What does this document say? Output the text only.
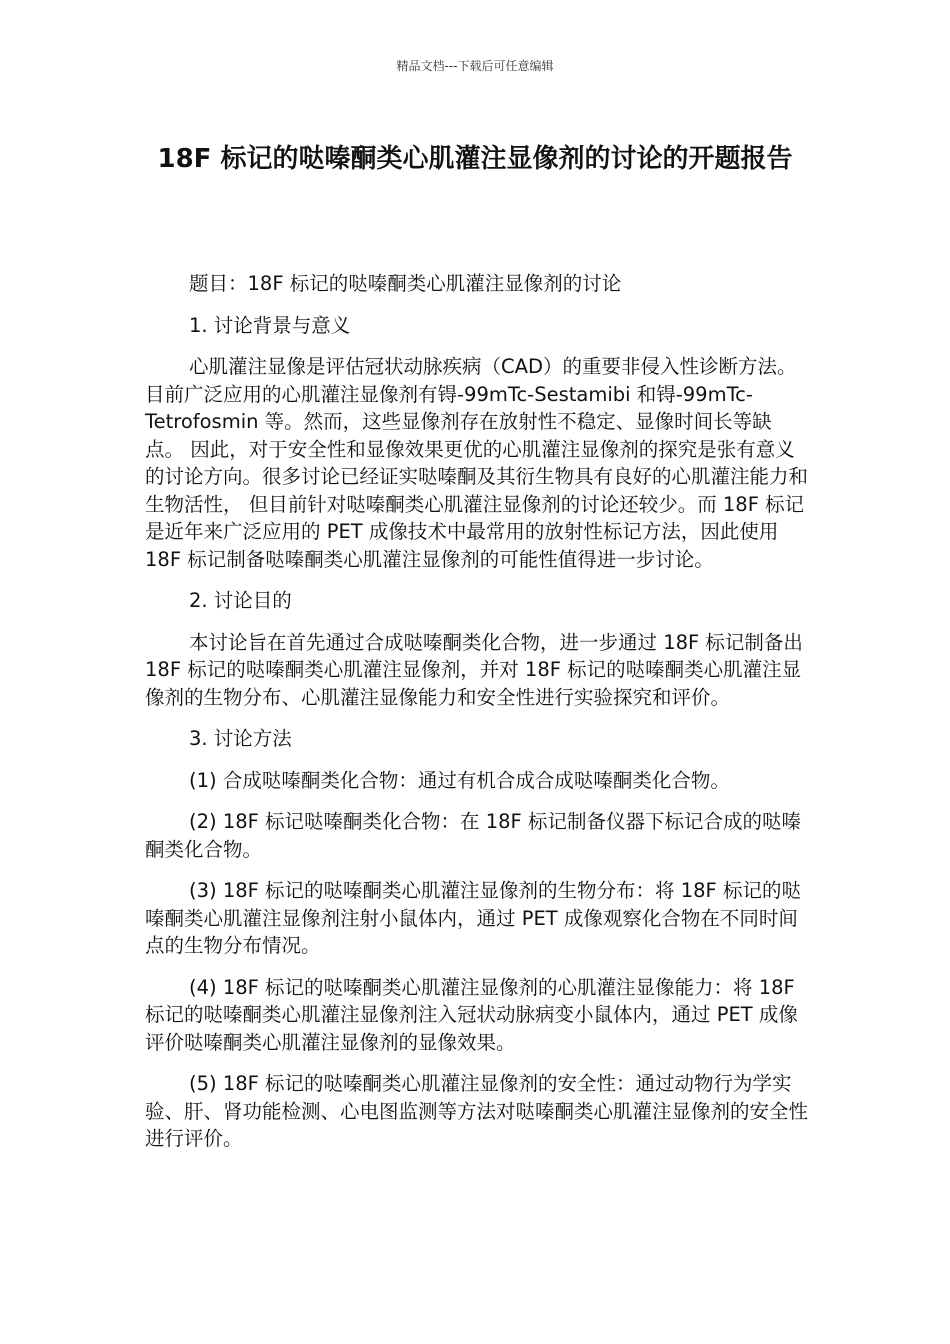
精品文档---下载后可任意编辑
18F 标记的哒嗪酮类心肌灌注显像剂的讨论的开题报告

题目：18F 标记的哒嗪酮类心肌灌注显像剂的讨论

1. 讨论背景与意义

心肌灌注显像是评估冠状动脉疾病（CAD）的重要非侵入性诊断方法。目前广泛应用的心肌灌注显像剂有锝-99mTc-Sestamibi 和锝-99mTc-Tetrofosmin 等。然而，这些显像剂存在放射性不稳定、显像时间长等缺点。 因此，对于安全性和显像效果更优的心肌灌注显像剂的探究是张有意义的讨论方向。很多讨论已经证实哒嗪酮及其衍生物具有良好的心肌灌注能力和生物活性， 但目前针对哒嗪酮类心肌灌注显像剂的讨论还较少。而 18F 标记是近年来广泛应用的 PET 成像技术中最常用的放射性标记方法，因此使用 18F 标记制备哒嗪酮类心肌灌注显像剂的可能性值得进一步讨论。

2. 讨论目的

本讨论旨在首先通过合成哒嗪酮类化合物，进一步通过 18F 标记制备出 18F 标记的哒嗪酮类心肌灌注显像剂，并对 18F 标记的哒嗪酮类心肌灌注显像剂的生物分布、心肌灌注显像能力和安全性进行实验探究和评价。

3. 讨论方法

(1) 合成哒嗪酮类化合物：通过有机合成合成哒嗪酮类化合物。

(2) 18F 标记哒嗪酮类化合物：在 18F 标记制备仪器下标记合成的哒嗪酮类化合物。

(3) 18F 标记的哒嗪酮类心肌灌注显像剂的生物分布：将 18F 标记的哒嗪酮类心肌灌注显像剂注射小鼠体内，通过 PET 成像观察化合物在不同时间点的生物分布情况。

(4) 18F 标记的哒嗪酮类心肌灌注显像剂的心肌灌注显像能力：将 18F 标记的哒嗪酮类心肌灌注显像剂注入冠状动脉病变小鼠体内，通过 PET 成像评价哒嗪酮类心肌灌注显像剂的显像效果。

(5) 18F 标记的哒嗪酮类心肌灌注显像剂的安全性：通过动物行为学实验、肝、肾功能检测、心电图监测等方法对哒嗪酮类心肌灌注显像剂的安全性进行评价。
